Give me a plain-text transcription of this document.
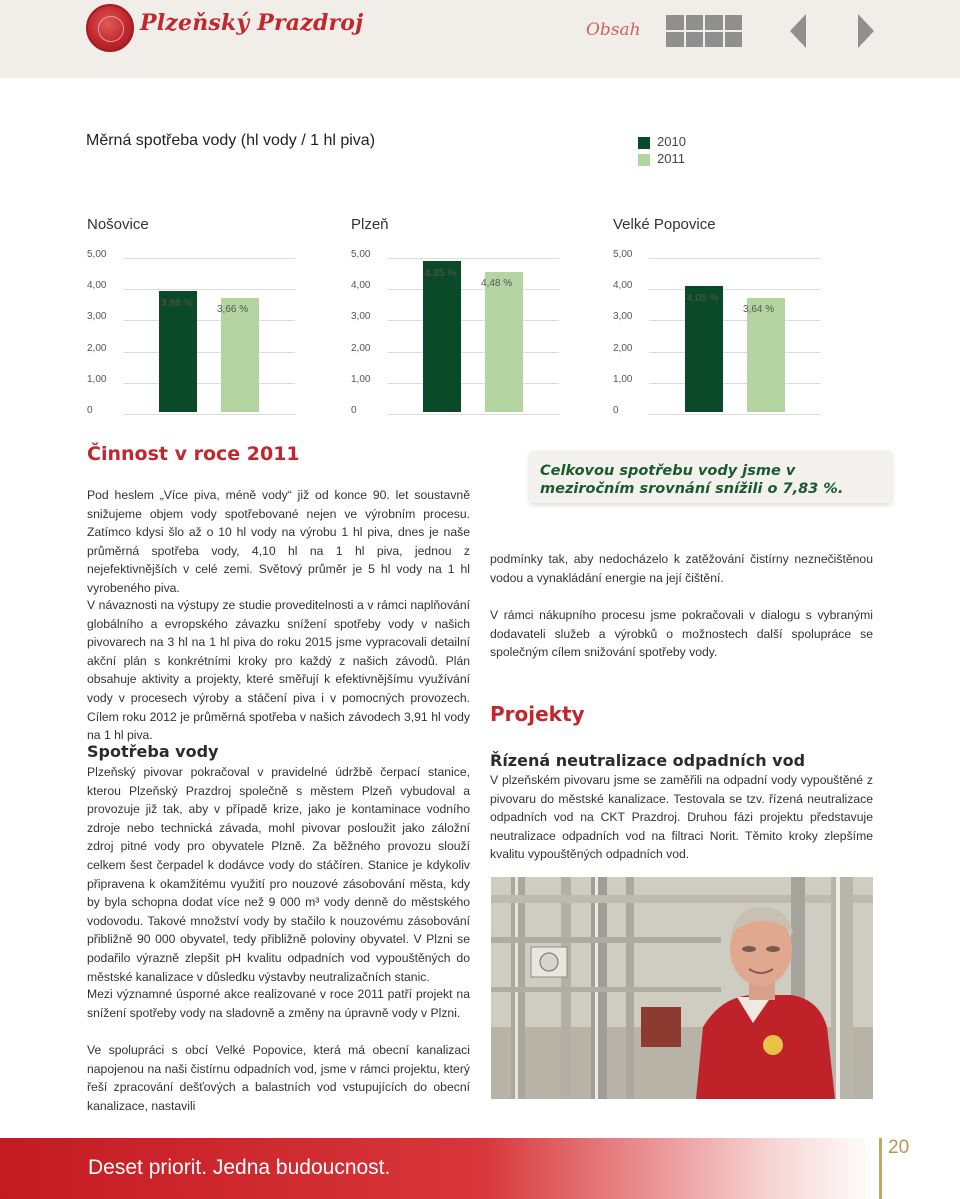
Plzeňský Prazdroj	Obsah
Měrná spotřeba vody (hl vody / 1 hl piva)	2010
2011
Nošovice
5,00
4,00
3,00
2,00
1,00
0
3,88 %
3,66 %
Plzeň
5,00
4,00
3,00
2,00
1,00
0
4,85 %
4,48 %
Velké Popovice
5,00
4,00
3,00
2,00
1,00
0
4,05 %
3,64 %
Činnost v roce 2011
Pod heslem „Více piva, méně vody“ již od konce 90. let soustavně snižujeme objem vody spotřebované nejen ve výrobním procesu. Zatímco kdysi šlo až o 10 hl vody na výrobu 1 hl piva, dnes je naše průměrná spotřeba vody, 4,10 hl na 1 hl piva, jednou z nejefektivnějších v celé zemi. Světový průměr je 5 hl vody na 1 hl vyrobeného piva.
V návaznosti na výstupy ze studie proveditelnosti a v rámci naplňování globálního a evropského závazku snížení spotřeby vody v našich pivovarech na 3 hl na 1 hl piva do roku 2015 jsme vypracovali detailní akční plán s konkrétními kroky pro každý z našich závodů. Plán obsahuje aktivity a projekty, které směřují k efektivnějšímu využívání vody v procesech výroby a stáčení piva i v pomocných provozech. Cílem roku 2012 je průměrná spotřeba v našich závodech 3,91 hl vody na 1 hl piva.
Spotřeba vody
Plzeňský pivovar pokračoval v pravidelné údržbě čerpací stanice, kterou Plzeňský Prazdroj společně s městem Plzeň vybudoval a provozuje již tak, aby v případě krize, jako je kontaminace vodního zdroje nebo technická závada, mohl pivovar posloužit jako záložní zdroj pitné vody pro obyvatele Plzně. Za běžného provozu slouží celkem šest čerpadel k dodávce vody do stáčíren. Stanice je kdykoliv připravena k okamžitému využití pro nouzové zásobování města, kdy by byla schopna dodat více než 9 000 m³ vody denně do městského vodovodu. Takové množství vody by stačilo k nouzovému zásobování přibližně 90 000 obyvatel, tedy přibližně poloviny obyvatel. V Plzni se podařilo výrazně zlepšit pH kvalitu odpadních vod vypouštěných do městské kanalizace v důsledku výstavby neutralizačních stanic.
Mezi významné úsporné akce realizované v roce 2011 patří projekt na snížení spotřeby vody na sladovně a změny na úpravně vody v Plzni.
Ve spolupráci s obcí Velké Popovice, která má obecní kanalizaci napojenou na naši čistírnu odpadních vod, jsme v rámci projektu, který řeší zpracování dešťových a balastních vod vstupujících do obecní kanalizace, nastavili
Celkovou spotřebu vody jsme v meziročním srovnání snížili o 7,83 %.
podmínky tak, aby nedocházelo k zatěžování čistírny neznečištěnou vodou a vynakládání energie na její čištění.
V rámci nákupního procesu jsme pokračovali v dialogu s vybranými dodavateli služeb a výrobků o možnostech další spolupráce se společným cílem snižování spotřeby vody.
Projekty
Řízená neutralizace odpadních vod
V plzeňském pivovaru jsme se zaměřili na odpadní vody vypouštěné z pivovaru do městské kanalizace. Testovala se tzv. řízená neutralizace odpadních vod na CKT Prazdroj. Druhou fázi projektu představuje neutralizace odpadních vod na filtraci Norit. Těmito kroky zlepšíme kvalitu vypouštěných odpadních vod.
Deset priorit. Jedna budoucnost.
20
